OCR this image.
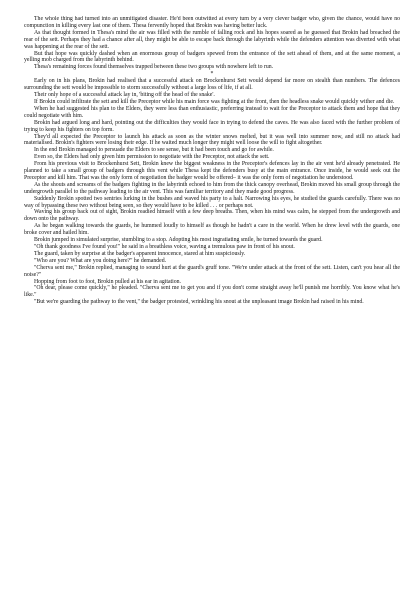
The whole thing had turned into an unmitigated disaster. He'd been outwitted at every turn by a very clever badger who, given the chance, would have no compunction in killing every last one of them. Thesa fervently hoped that Brokin was having better luck.

As that thought formed in Thesa's mind the air was filled with the rumble of falling rock and his hopes soared as he guessed that Brokin had breached the rear of the sett. Perhaps they had a chance after all, they might be able to escape back through the labyrinth while the defenders attention was diverted with what was happening at the rear of the sett.

But that hope was quickly dashed when an enormous group of badgers spewed from the entrance of the sett ahead of them, and at the same moment, a yelling mob charged from the labyrinth behind.

Thesa's remaining forces found themselves trapped between these two groups with nowhere left to run.

*

Early on in his plans, Brokin had realised that a successful attack on Brockenhurst Sett would depend far more on stealth than numbers. The defences surrounding the sett would be impossible to storm successfully without a large loss of life, if at all.

Their only hope of a successful attack lay in, 'biting off the head of the snake'.

If Brokin could infiltrate the sett and kill the Preceptor while his main force was fighting at the front, then the headless snake would quickly wither and die.

When he had suggested his plan to the Elders, they were less than enthusiastic, preferring instead to wait for the Preceptor to attack them and hope that they could negotiate with him.

Brokin had argued long and hard, pointing out the difficulties they would face in trying to defend the caves. He was also faced with the further problem of trying to keep his fighters on top form.

They'd all expected the Preceptor to launch his attack as soon as the winter snows melted, but it was well into summer now, and still no attack had materialised. Brokin's fighters were losing their edge. If he waited much longer they might well loose the will to fight altogether.

In the end Brokin managed to persuade the Elders to see sense, but it had been touch and go for awhile.

Even so, the Elders had only given him permission to negotiate with the Preceptor, not attack the sett.

From his previous visit to Brockenhurst Sett, Brokin knew the biggest weakness in the Preceptor's defences lay in the air vent he'd already penetrated. He planned to take a small group of badgers through this vent while Thesa kept the defenders busy at the main entrance. Once inside, he would seek out the Preceptor and kill him. That was the only form of negotiation the badger would be offered– it was the only form of negotiation he understood.

As the shouts and screams of the badgers fighting in the labyrinth echoed to him from the thick canopy overhead, Brokin moved his small group through the undergrowth parallel to the pathway leading to the air vent. This was familiar territory and they made good progress.

Suddenly Brokin spotted two sentries lurking in the bushes and waved his party to a halt. Narrowing his eyes, he studied the guards carefully. There was no way of bypassing these two without being seen, so they would have to be killed . . . or perhaps not.

Waving his group back out of sight, Brokin readied himself with a few deep breaths. Then, when his mind was calm, he stepped from the undergrowth and down onto the pathway.

As he began walking towards the guards, he hummed loudly to himself as though he hadn't a care in the world. When he drew level with the guards, one broke cover and hailed him.

Brokin jumped in simulated surprise, stumbling to a stop. Adopting his most ingratiating smile, he turned towards the guard.

"Oh thank goodness I've found you!" he said in a breathless voice, waving a tremulous paw in front of his snout.

The guard, taken by surprise at the badger's apparent innocence, stared at him suspiciously.

"Who are you? What are you doing here?" he demanded.

"Cherva sent me," Brokin replied, managing to sound hurt at the guard's gruff tone. "We're under attack at the front of the sett. Listen, can't you hear all the noise?"

Hopping from foot to foot, Brokin pulled at his ear in agitation.

"Oh dear, please come quickly," he pleaded. "Cherva sent me to get you and if you don't come straight away he'll punish me horribly. You know what he's like."

"But we're guarding the pathway to the vent," the badger protested, wrinkling his snout at the unpleasant image Brokin had raised in his mind.
